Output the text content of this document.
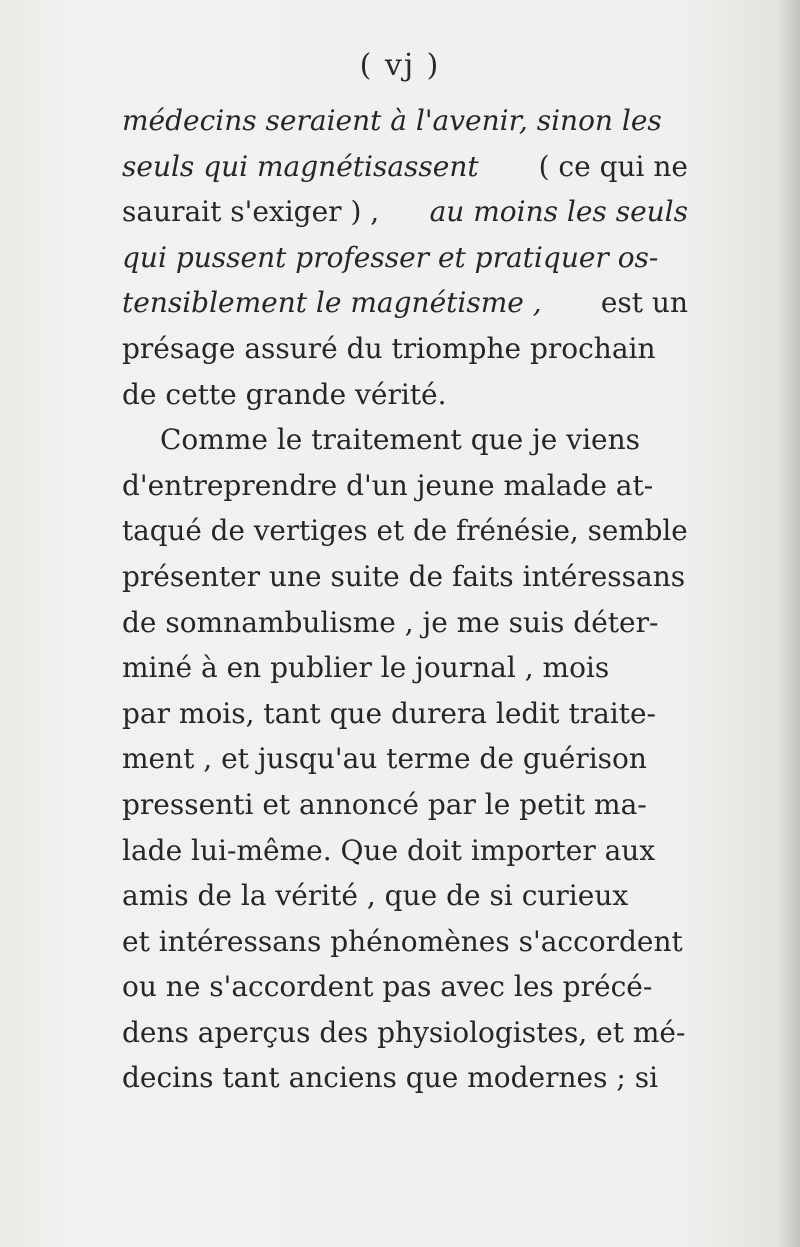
( vj )
médecins seraient à l'avenir, sinon les
seuls qui magnétisassent ( ce qui ne
saurait s'exiger ) , au moins les seuls
qui pussent professer et pratiquer os-
tensiblement le magnétisme , est un
présage assuré du triomphe prochain
de cette grande vérité.
Comme le traitement que je viens
d'entreprendre d'un jeune malade at-
taqué de vertiges et de frénésie, semble
présenter une suite de faits intéressans
de somnambulisme , je me suis déter-
miné à en publier le journal , mois
par mois, tant que durera ledit traite-
ment , et jusqu'au terme de guérison
pressenti et annoncé par le petit ma-
lade lui-même. Que doit importer aux
amis de la vérité , que de si curieux
et intéressans phénomènes s'accordent
ou ne s'accordent pas avec les précé-
dens aperçus des physiologistes, et mé-
decins tant anciens que modernes ; si
